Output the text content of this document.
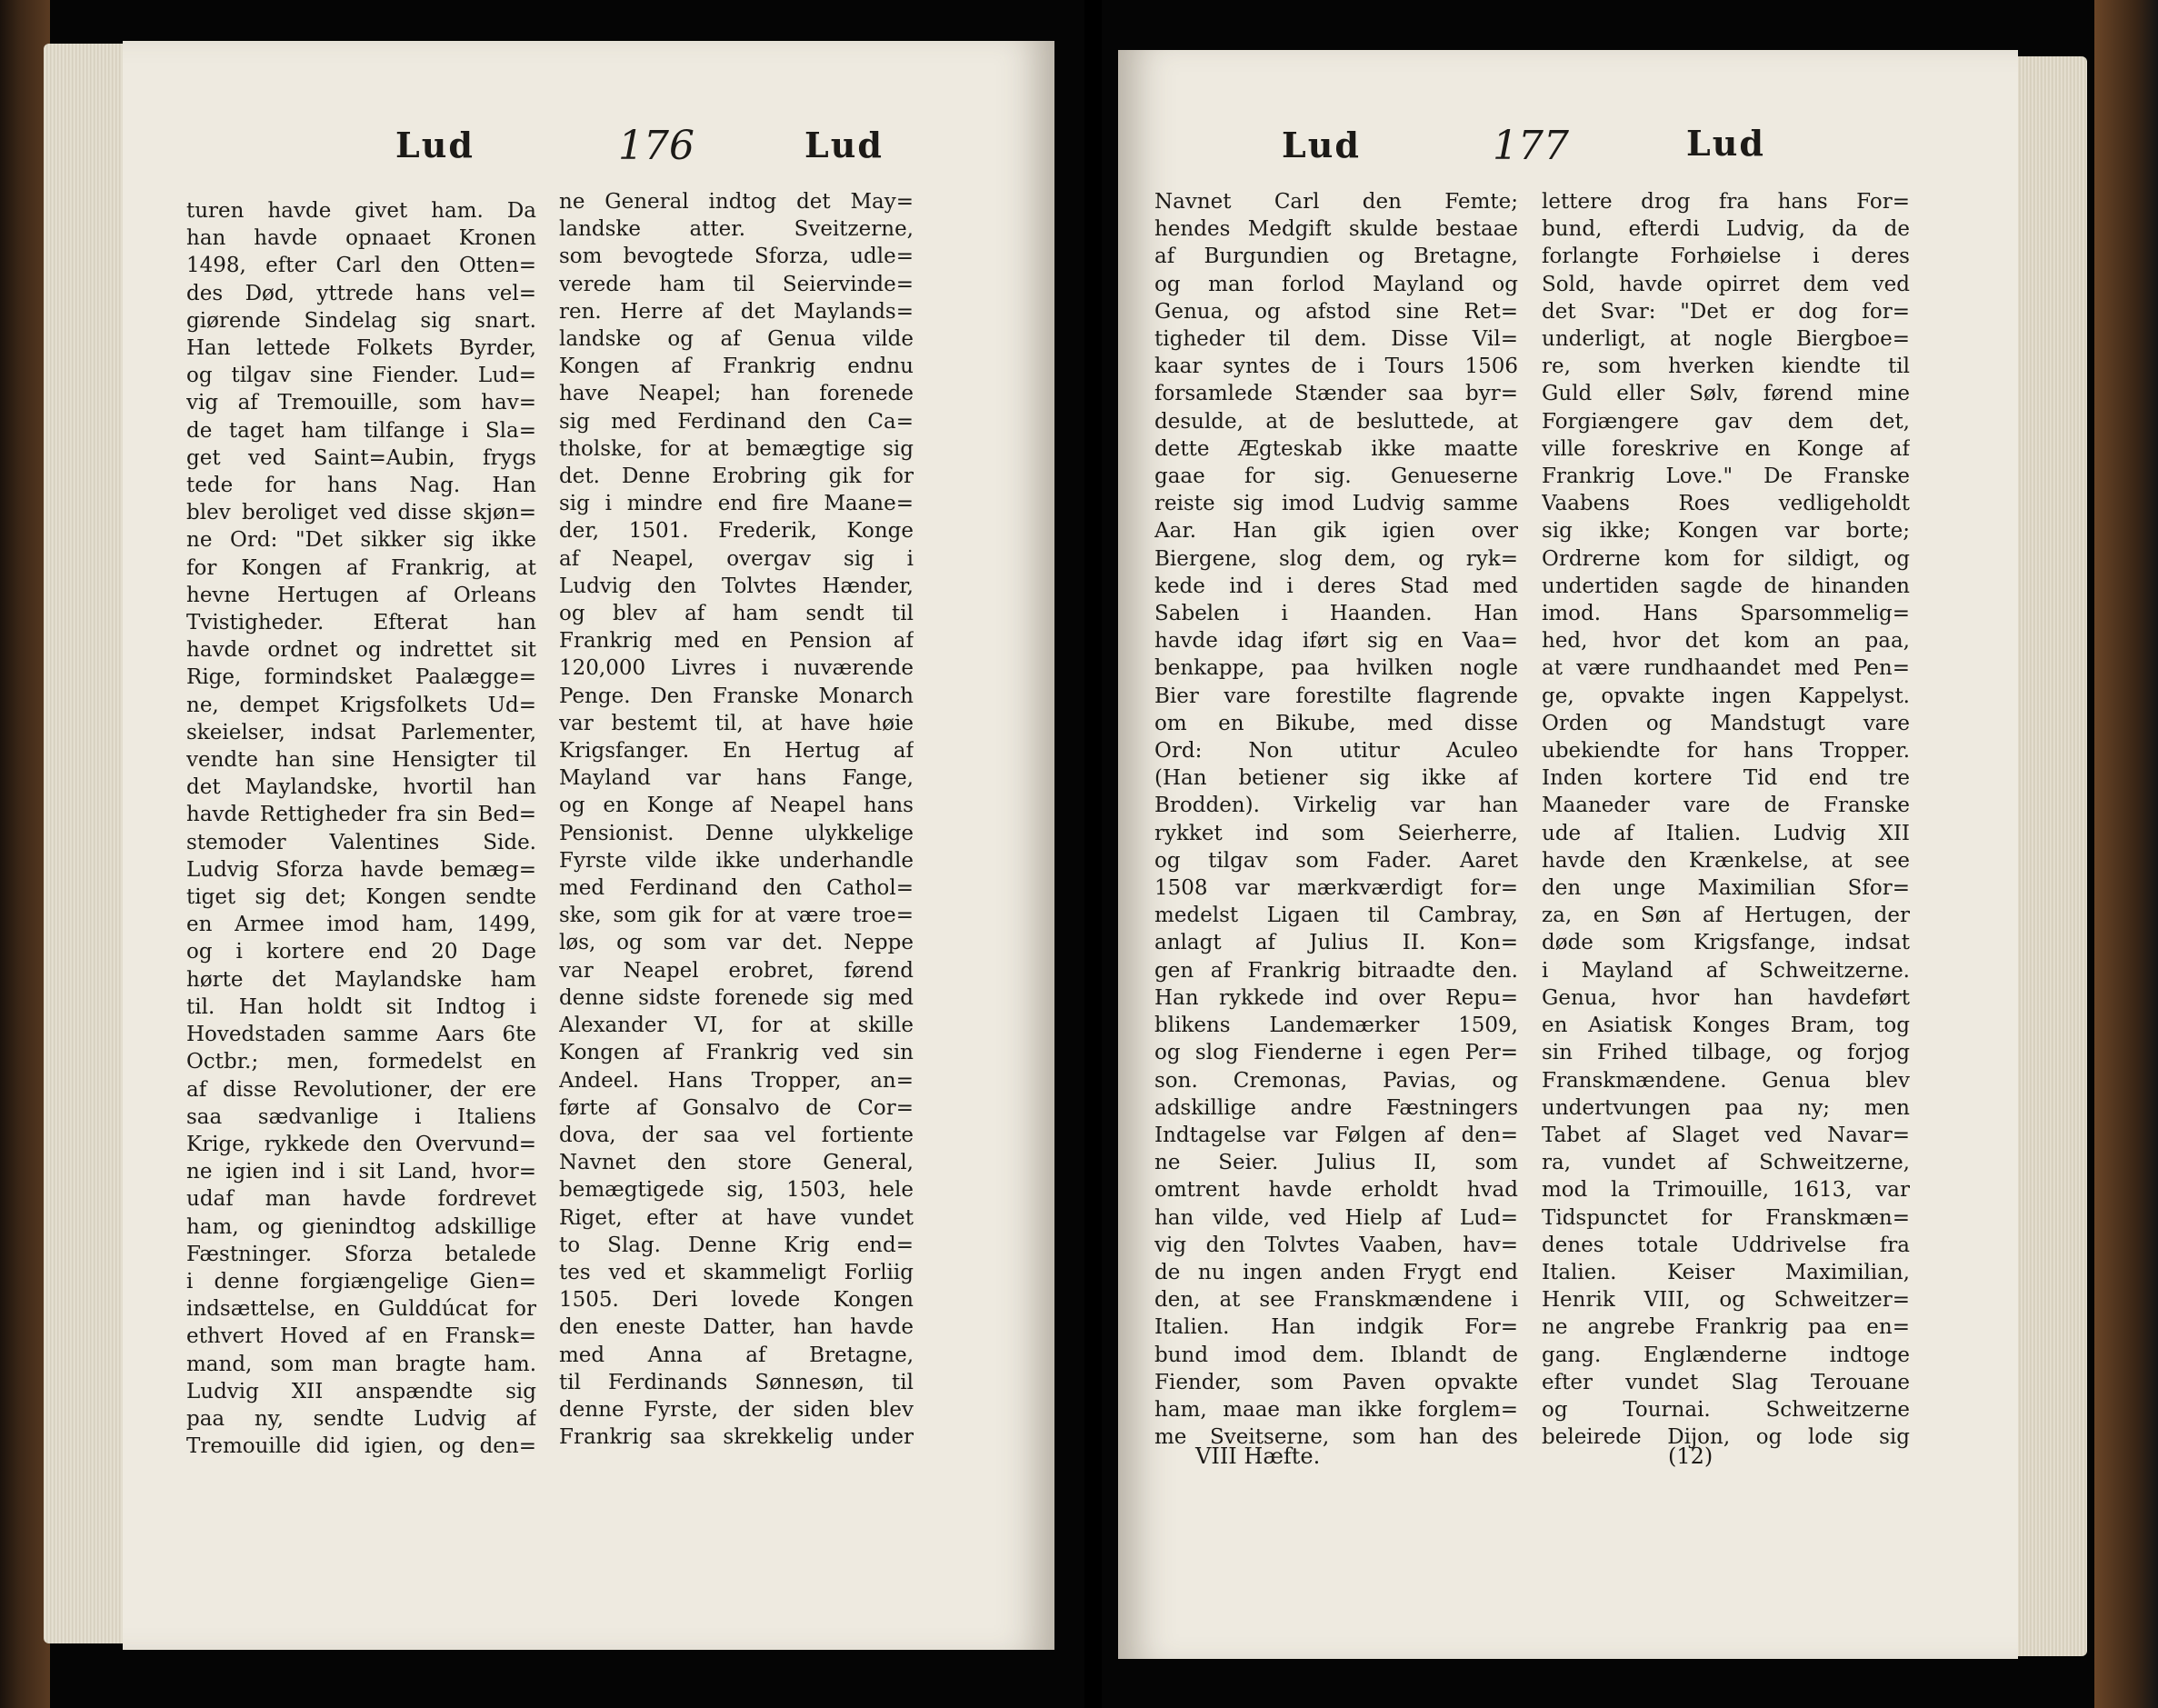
Lud	176	Lud
turen havde givet ham. Da
han havde opnaaet Kronen
1498, efter Carl den Otten=
des Død, yttrede hans vel=
giørende Sindelag sig snart.
Han lettede Folkets Byrder,
og tilgav sine Fiender. Lud=
vig af Tremouille, som hav=
de taget ham tilfange i Sla=
get ved Saint=Aubin, frygs
tede for hans Nag. Han
blev beroliget ved disse skjøn=
ne Ord: "Det sikker sig ikke
for Kongen af Frankrig, at
hevne Hertugen af Orleans
Tvistigheder. Efterat han
havde ordnet og indrettet sit
Rige, formindsket Paalægge=
ne, dempet Krigsfolkets Ud=
skeielser, indsat Parlementer,
vendte han sine Hensigter til
det Maylandske, hvortil han
havde Rettigheder fra sin Bed=
stemoder Valentines Side.
Ludvig Sforza havde bemæg=
tiget sig det; Kongen sendte
en Armee imod ham, 1499,
og i kortere end 20 Dage
hørte det Maylandske ham
til. Han holdt sit Indtog i
Hovedstaden samme Aars 6te
Octbr.; men, formedelst en
af disse Revolutioner, der ere
saa sædvanlige i Italiens
Krige, rykkede den Overvund=
ne igien ind i sit Land, hvor=
udaf man havde fordrevet
ham, og gienindtog adskillige
Fæstninger. Sforza betalede
i denne forgiængelige Gien=
indsættelse, en Gulddúcat for
ethvert Hoved af en Fransk=
mand, som man bragte ham.
Ludvig XII anspændte sig
paa ny, sendte Ludvig af
Tremouille did igien, og den=
ne General indtog det May=
landske atter. Sveitzerne,
som bevogtede Sforza, udle=
verede ham til Seiervinde=
ren. Herre af det Maylands=
landske og af Genua vilde
Kongen af Frankrig endnu
have Neapel; han forenede
sig med Ferdinand den Ca=
tholske, for at bemægtige sig
det. Denne Erobring gik for
sig i mindre end fire Maane=
der, 1501. Frederik, Konge
af Neapel, overgav sig i
Ludvig den Tolvtes Hænder,
og blev af ham sendt til
Frankrig med en Pension af
120,000 Livres i nuværende
Penge. Den Franske Monarch
var bestemt til, at have høie
Krigsfanger. En Hertug af
Mayland var hans Fange,
og en Konge af Neapel hans
Pensionist. Denne ulykkelige
Fyrste vilde ikke underhandle
med Ferdinand den Cathol=
ske, som gik for at være troe=
løs, og som var det. Neppe
var Neapel erobret, førend
denne sidste forenede sig med
Alexander VI, for at skille
Kongen af Frankrig ved sin
Andeel. Hans Tropper, an=
førte af Gonsalvo de Cor=
dova, der saa vel fortiente
Navnet den store General,
bemægtigede sig, 1503, hele
Riget, efter at have vundet
to Slag. Denne Krig end=
tes ved et skammeligt Forliig
1505. Deri lovede Kongen
den eneste Datter, han havde
med Anna af Bretagne,
til Ferdinands Sønnesøn, til
denne Fyrste, der siden blev
Frankrig saa skrekkelig under
Lud	177	Lud
Navnet Carl den Femte;
hendes Medgift skulde bestaae
af Burgundien og Bretagne,
og man forlod Mayland og
Genua, og afstod sine Ret=
tigheder til dem. Disse Vil=
kaar syntes de i Tours 1506
forsamlede Stænder saa byr=
desulde, at de besluttede, at
dette Ægteskab ikke maatte
gaae for sig. Genueserne
reiste sig imod Ludvig samme
Aar. Han gik igien over
Biergene, slog dem, og ryk=
kede ind i deres Stad med
Sabelen i Haanden. Han
havde idag iført sig en Vaa=
benkappe, paa hvilken nogle
Bier vare forestilte flagrende
om en Bikube, med disse
Ord: Non utitur Aculeo
(Han betiener sig ikke af
Brodden). Virkelig var han
rykket ind som Seierherre,
og tilgav som Fader. Aaret
1508 var mærkværdigt for=
medelst Ligaen til Cambray,
anlagt af Julius II. Kon=
gen af Frankrig bitraadte den.
Han rykkede ind over Repu=
blikens Landemærker 1509,
og slog Fienderne i egen Per=
son. Cremonas, Pavias, og
adskillige andre Fæstningers
Indtagelse var Følgen af den=
ne Seier. Julius II, som
omtrent havde erholdt hvad
han vilde, ved Hielp af Lud=
vig den Tolvtes Vaaben, hav=
de nu ingen anden Frygt end
den, at see Franskmændene i
Italien. Han indgik For=
bund imod dem. Iblandt de
Fiender, som Paven opvakte
ham, maae man ikke forglem=
me Sveitserne, som han des
lettere drog fra hans For=
bund, efterdi Ludvig, da de
forlangte Forhøielse i deres
Sold, havde opirret dem ved
det Svar: "Det er dog for=
underligt, at nogle Biergboe=
re, som hverken kiendte til
Guld eller Sølv, førend mine
Forgiængere gav dem det,
ville foreskrive en Konge af
Frankrig Love." De Franske
Vaabens Roes vedligeholdt
sig ikke; Kongen var borte;
Ordrerne kom for sildigt, og
undertiden sagde de hinanden
imod. Hans Sparsommelig=
hed, hvor det kom an paa,
at være rundhaandet med Pen=
ge, opvakte ingen Kappelyst.
Orden og Mandstugt vare
ubekiendte for hans Tropper.
Inden kortere Tid end tre
Maaneder vare de Franske
ude af Italien. Ludvig XII
havde den Krænkelse, at see
den unge Maximilian Sfor=
za, en Søn af Hertugen, der
døde som Krigsfange, indsat
i Mayland af Schweitzerne.
Genua, hvor han havdeført
en Asiatisk Konges Bram, tog
sin Frihed tilbage, og forjog
Franskmændene. Genua blev
undertvungen paa ny; men
Tabet af Slaget ved Navar=
ra, vundet af Schweitzerne,
mod la Trimouille, 1613, var
Tidspunctet for Franskmæn=
denes totale Uddrivelse fra
Italien. Keiser Maximilian,
Henrik VIII, og Schweitzer=
ne angrebe Frankrig paa en=
gang. Englænderne indtoge
efter vundet Slag Terouane
og Tournai. Schweitzerne
beleirede Dijon, og lode sig
VIII Hæfte.	(12)
